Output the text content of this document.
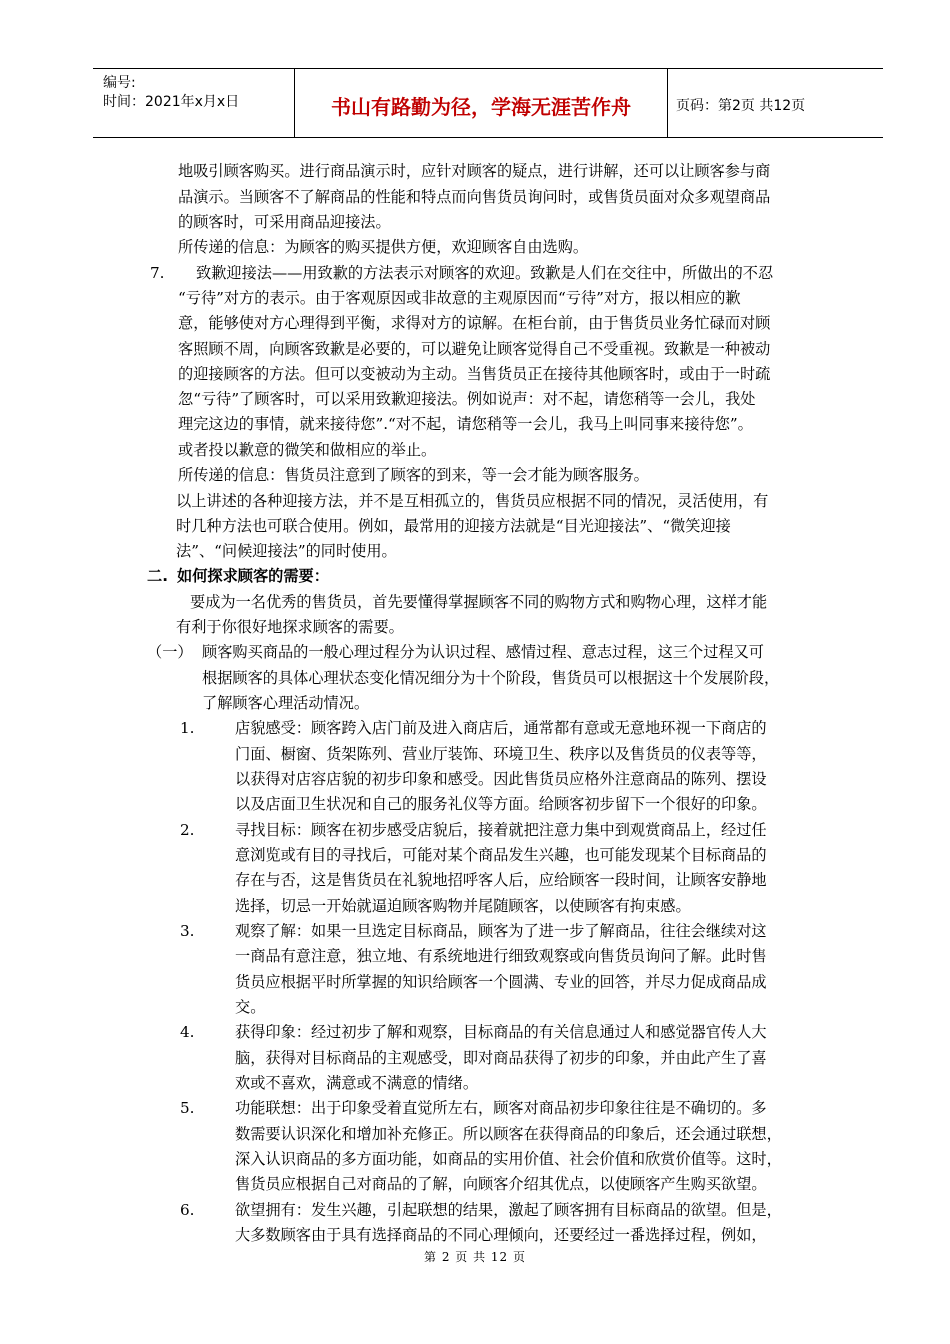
编号:
时间：2021年x月x日	书山有路勤为径，学海无涯苦作舟	页码：第2页 共12页
地吸引顾客购买。进行商品演示时，应针对顾客的疑点，进行讲解，还可以让顾客参与商
品演示。当顾客不了解商品的性能和特点而向售货员询问时，或售货员面对众多观望商品
的顾客时，可采用商品迎接法。
所传递的信息：为顾客的购买提供方便，欢迎顾客自由选购。
7. 致歉迎接法——用致歉的方法表示对顾客的欢迎。致歉是人们在交往中，所做出的不忍
“亏待”对方的表示。由于客观原因或非故意的主观原因而“亏待”对方，报以相应的歉
意，能够使对方心理得到平衡，求得对方的谅解。在柜台前，由于售货员业务忙碌而对顾
客照顾不周，向顾客致歉是必要的，可以避免让顾客觉得自己不受重视。致歉是一种被动
的迎接顾客的方法。但可以变被动为主动。当售货员正在接待其他顾客时，或由于一时疏
忽“亏待”了顾客时，可以采用致歉迎接法。例如说声：对不起，请您稍等一会儿，我处
理完这边的事情，就来接待您”.“对不起，请您稍等一会儿，我马上叫同事来接待您”。
或者投以歉意的微笑和做相应的举止。
所传递的信息：售货员注意到了顾客的到来，等一会才能为顾客服务。
以上讲述的各种迎接方法，并不是互相孤立的，售货员应根据不同的情况，灵活使用，有
时几种方法也可联合使用。例如，最常用的迎接方法就是“目光迎接法”、“微笑迎接
法”、“问候迎接法”的同时使用。
二. 如何探求顾客的需要：
要成为一名优秀的售货员，首先要懂得掌握顾客不同的购物方式和购物心理，这样才能
有利于你很好地探求顾客的需要。
（一） 顾客购买商品的一般心理过程分为认识过程、感情过程、意志过程，这三个过程又可
根据顾客的具体心理状态变化情况细分为十个阶段，售货员可以根据这十个发展阶段，
了解顾客心理活动情况。
1.	店貌感受：顾客跨入店门前及进入商店后，通常都有意或无意地环视一下商店的
门面、橱窗、货架陈列、营业厅装饰、环境卫生、秩序以及售货员的仪表等等，
以获得对店容店貌的初步印象和感受。因此售货员应格外注意商品的陈列、摆设
以及店面卫生状况和自己的服务礼仪等方面。给顾客初步留下一个很好的印象。
2.	寻找目标：顾客在初步感受店貌后，接着就把注意力集中到观赏商品上，经过任
意浏览或有目的寻找后，可能对某个商品发生兴趣，也可能发现某个目标商品的
存在与否，这是售货员在礼貌地招呼客人后，应给顾客一段时间，让顾客安静地
选择，切忌一开始就逼迫顾客购物并尾随顾客，以使顾客有拘束感。
3.	观察了解：如果一旦选定目标商品，顾客为了进一步了解商品，往往会继续对这
一商品有意注意，独立地、有系统地进行细致观察或向售货员询问了解。此时售
货员应根据平时所掌握的知识给顾客一个圆满、专业的回答，并尽力促成商品成
交。
4.	获得印象：经过初步了解和观察，目标商品的有关信息通过人和感觉器官传人大
脑，获得对目标商品的主观感受，即对商品获得了初步的印象，并由此产生了喜
欢或不喜欢，满意或不满意的情绪。
5.	功能联想：出于印象受着直觉所左右，顾客对商品初步印象往往是不确切的。多
数需要认识深化和增加补充修正。所以顾客在获得商品的印象后，还会通过联想，
深入认识商品的多方面功能，如商品的实用价值、社会价值和欣赏价值等。这时，
售货员应根据自己对商品的了解，向顾客介绍其优点，以使顾客产生购买欲望。
6.	欲望拥有：发生兴趣，引起联想的结果，激起了顾客拥有目标商品的欲望。但是，
大多数顾客由于具有选择商品的不同心理倾向，还要经过一番选择过程，例如，
第 2 页 共 12 页
